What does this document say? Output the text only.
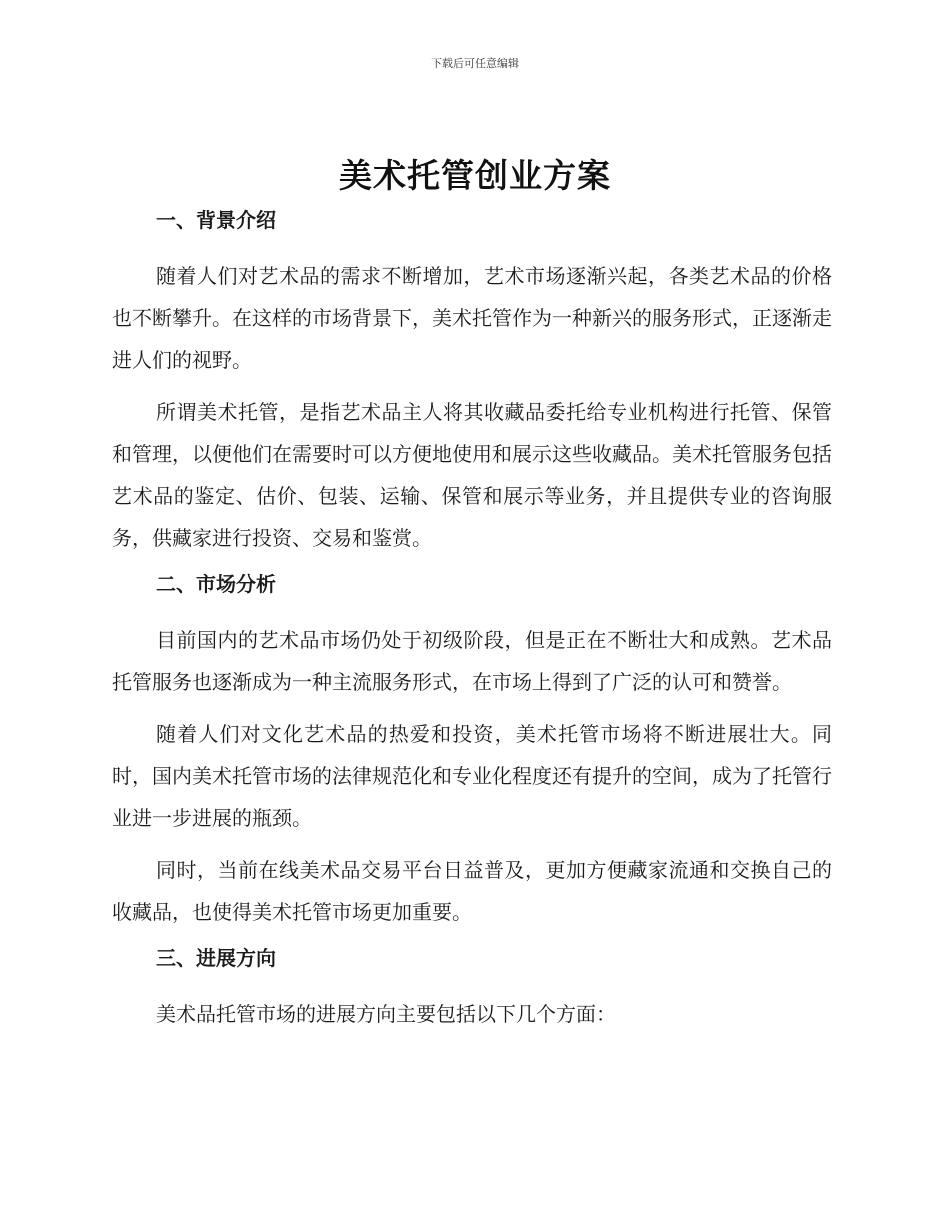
下载后可任意编辑
美术托管创业方案
一、背景介绍

随着人们对艺术品的需求不断增加，艺术市场逐渐兴起，各类艺术品的价格也不断攀升。在这样的市场背景下，美术托管作为一种新兴的服务形式，正逐渐走进人们的视野。

所谓美术托管，是指艺术品主人将其收藏品委托给专业机构进行托管、保管和管理，以便他们在需要时可以方便地使用和展示这些收藏品。美术托管服务包括艺术品的鉴定、估价、包装、运输、保管和展示等业务，并且提供专业的咨询服务，供藏家进行投资、交易和鉴赏。

二、市场分析

目前国内的艺术品市场仍处于初级阶段，但是正在不断壮大和成熟。艺术品托管服务也逐渐成为一种主流服务形式，在市场上得到了广泛的认可和赞誉。

随着人们对文化艺术品的热爱和投资，美术托管市场将不断进展壮大。同时，国内美术托管市场的法律规范化和专业化程度还有提升的空间，成为了托管行业进一步进展的瓶颈。

同时，当前在线美术品交易平台日益普及，更加方便藏家流通和交换自己的收藏品，也使得美术托管市场更加重要。

三、进展方向

美术品托管市场的进展方向主要包括以下几个方面：
